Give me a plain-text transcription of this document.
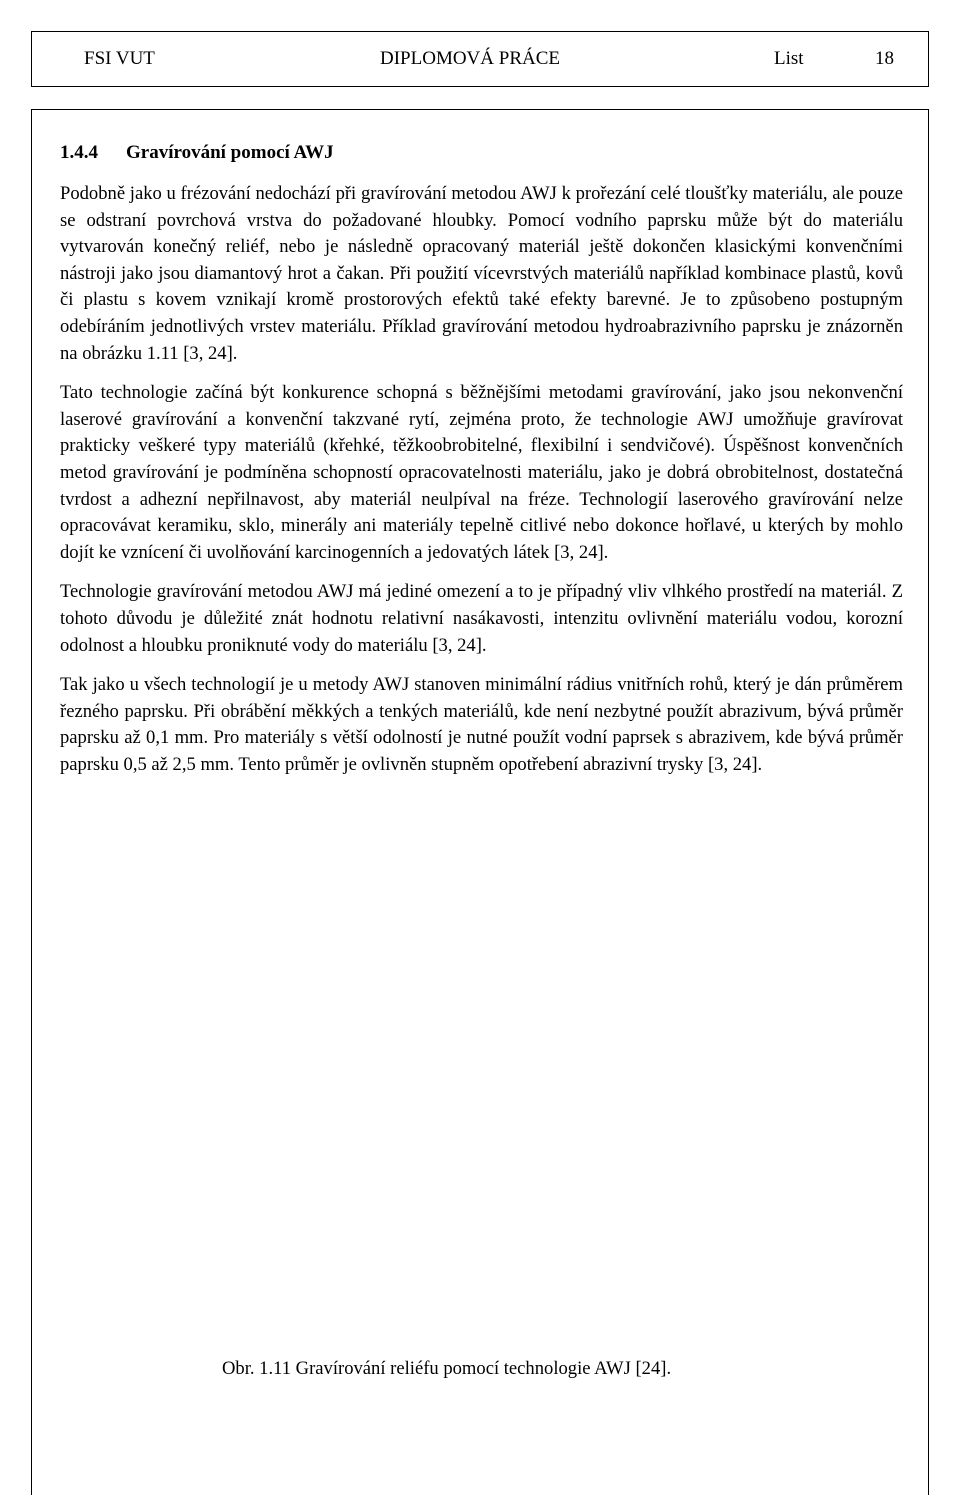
FSI VUT	DIPLOMOVÁ PRÁCE	List	18
1.4.4 Gravírování pomocí AWJ

Podobně jako u frézování nedochází při gravírování metodou AWJ k prořezání celé tloušťky materiálu, ale pouze se odstraní povrchová vrstva do požadované hloubky. Pomocí vodního paprsku může být do materiálu vytvarován konečný reliéf, nebo je následně opracovaný materiál ještě dokončen klasickými konvenčními nástroji jako jsou diamantový hrot a čakan. Při použití vícevrstvých materiálů například kombinace plastů, kovů či plastu s kovem vznikají kromě prostorových efektů také efekty barevné. Je to způsobeno postupným odebíráním jednotlivých vrstev materiálu. Příklad gravírování metodou hydroabrazivního paprsku je znázorněn na obrázku 1.11 [3, 24].

Tato technologie začíná být konkurence schopná s běžnějšími metodami gravírování, jako jsou nekonvenční laserové gravírování a konvenční takzvané rytí, zejména proto, že technologie AWJ umožňuje gravírovat prakticky veškeré typy materiálů (křehké, těžkoobrobitelné, flexibilní i sendvičové). Úspěšnost konvenčních metod gravírování je podmíněna schopností opracovatelnosti materiálu, jako je dobrá obrobitelnost, dostatečná tvrdost a adhezní nepřilnavost, aby materiál neulpíval na fréze. Technologií laserového gravírování nelze opracovávat keramiku, sklo, minerály ani materiály tepelně citlivé nebo dokonce hořlavé, u kterých by mohlo dojít ke vznícení či uvolňování karcinogenních a jedovatých látek [3, 24].

Technologie gravírování metodou AWJ má jediné omezení a to je případný vliv vlhkého prostředí na materiál. Z tohoto důvodu je důležité znát hodnotu relativní nasákavosti, intenzitu ovlivnění materiálu vodou, korozní odolnost a hloubku proniknuté vody do materiálu [3, 24].

Tak jako u všech technologií je u metody AWJ stanoven minimální rádius vnitřních rohů, který je dán průměrem řezného paprsku. Při obrábění měkkých a tenkých materiálů, kde není nezbytné použít abrazivum, bývá průměr paprsku až 0,1 mm. Pro materiály s větší odolností je nutné použít vodní paprsek s abrazivem, kde bývá průměr paprsku 0,5 až 2,5 mm. Tento průměr je ovlivněn stupněm opotřebení abrazivní trysky [3, 24].

Obr. 1.11 Gravírování reliéfu pomocí technologie AWJ [24].
